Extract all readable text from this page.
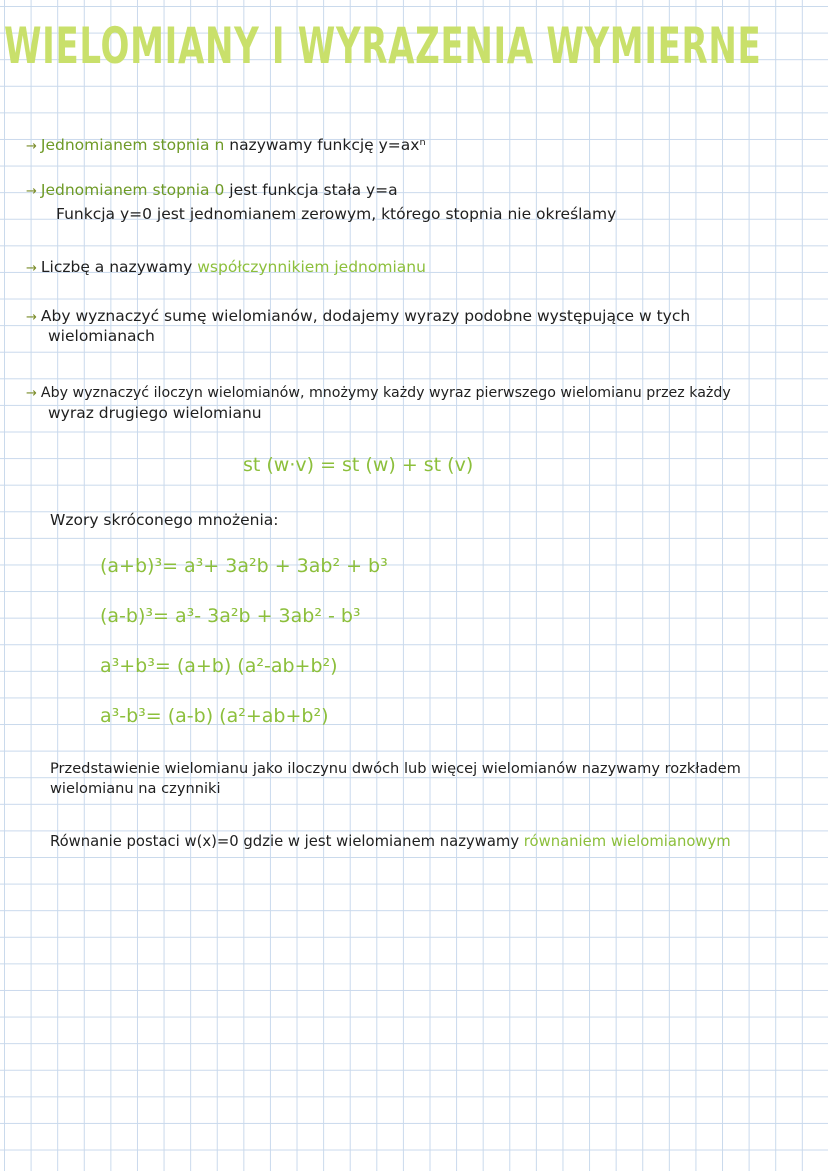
WIELOMIANY I WYRAZENIA WYMIERNE
→ Jednomianem stopnia n nazywamy funkcję y=axⁿ
→ Jednomianem stopnia 0 jest funkcja stała y=a
Funkcja y=0 jest jednomianem zerowym, którego stopnia nie określamy
→ Liczbę a nazywamy współczynnikiem jednomianu
→ Aby wyznaczyć sumę wielomianów, dodajemy wyrazy podobne występujące w tych
wielomianach
→ Aby wyznaczyć iloczyn wielomianów, mnożymy każdy wyraz pierwszego wielomianu przez każdy
wyraz drugiego wielomianu
st (w·v) = st (w) + st (v)
Wzory skróconego mnożenia:
(a+b)³= a³+ 3a²b + 3ab² + b³
(a-b)³= a³- 3a²b + 3ab² - b³
a³+b³= (a+b) (a²-ab+b²)
a³-b³= (a-b) (a²+ab+b²)
Przedstawienie wielomianu jako iloczynu dwóch lub więcej wielomianów nazywamy rozkładem
wielomianu na czynniki
Równanie postaci w(x)=0 gdzie w jest wielomianem nazywamy równaniem wielomianowym
